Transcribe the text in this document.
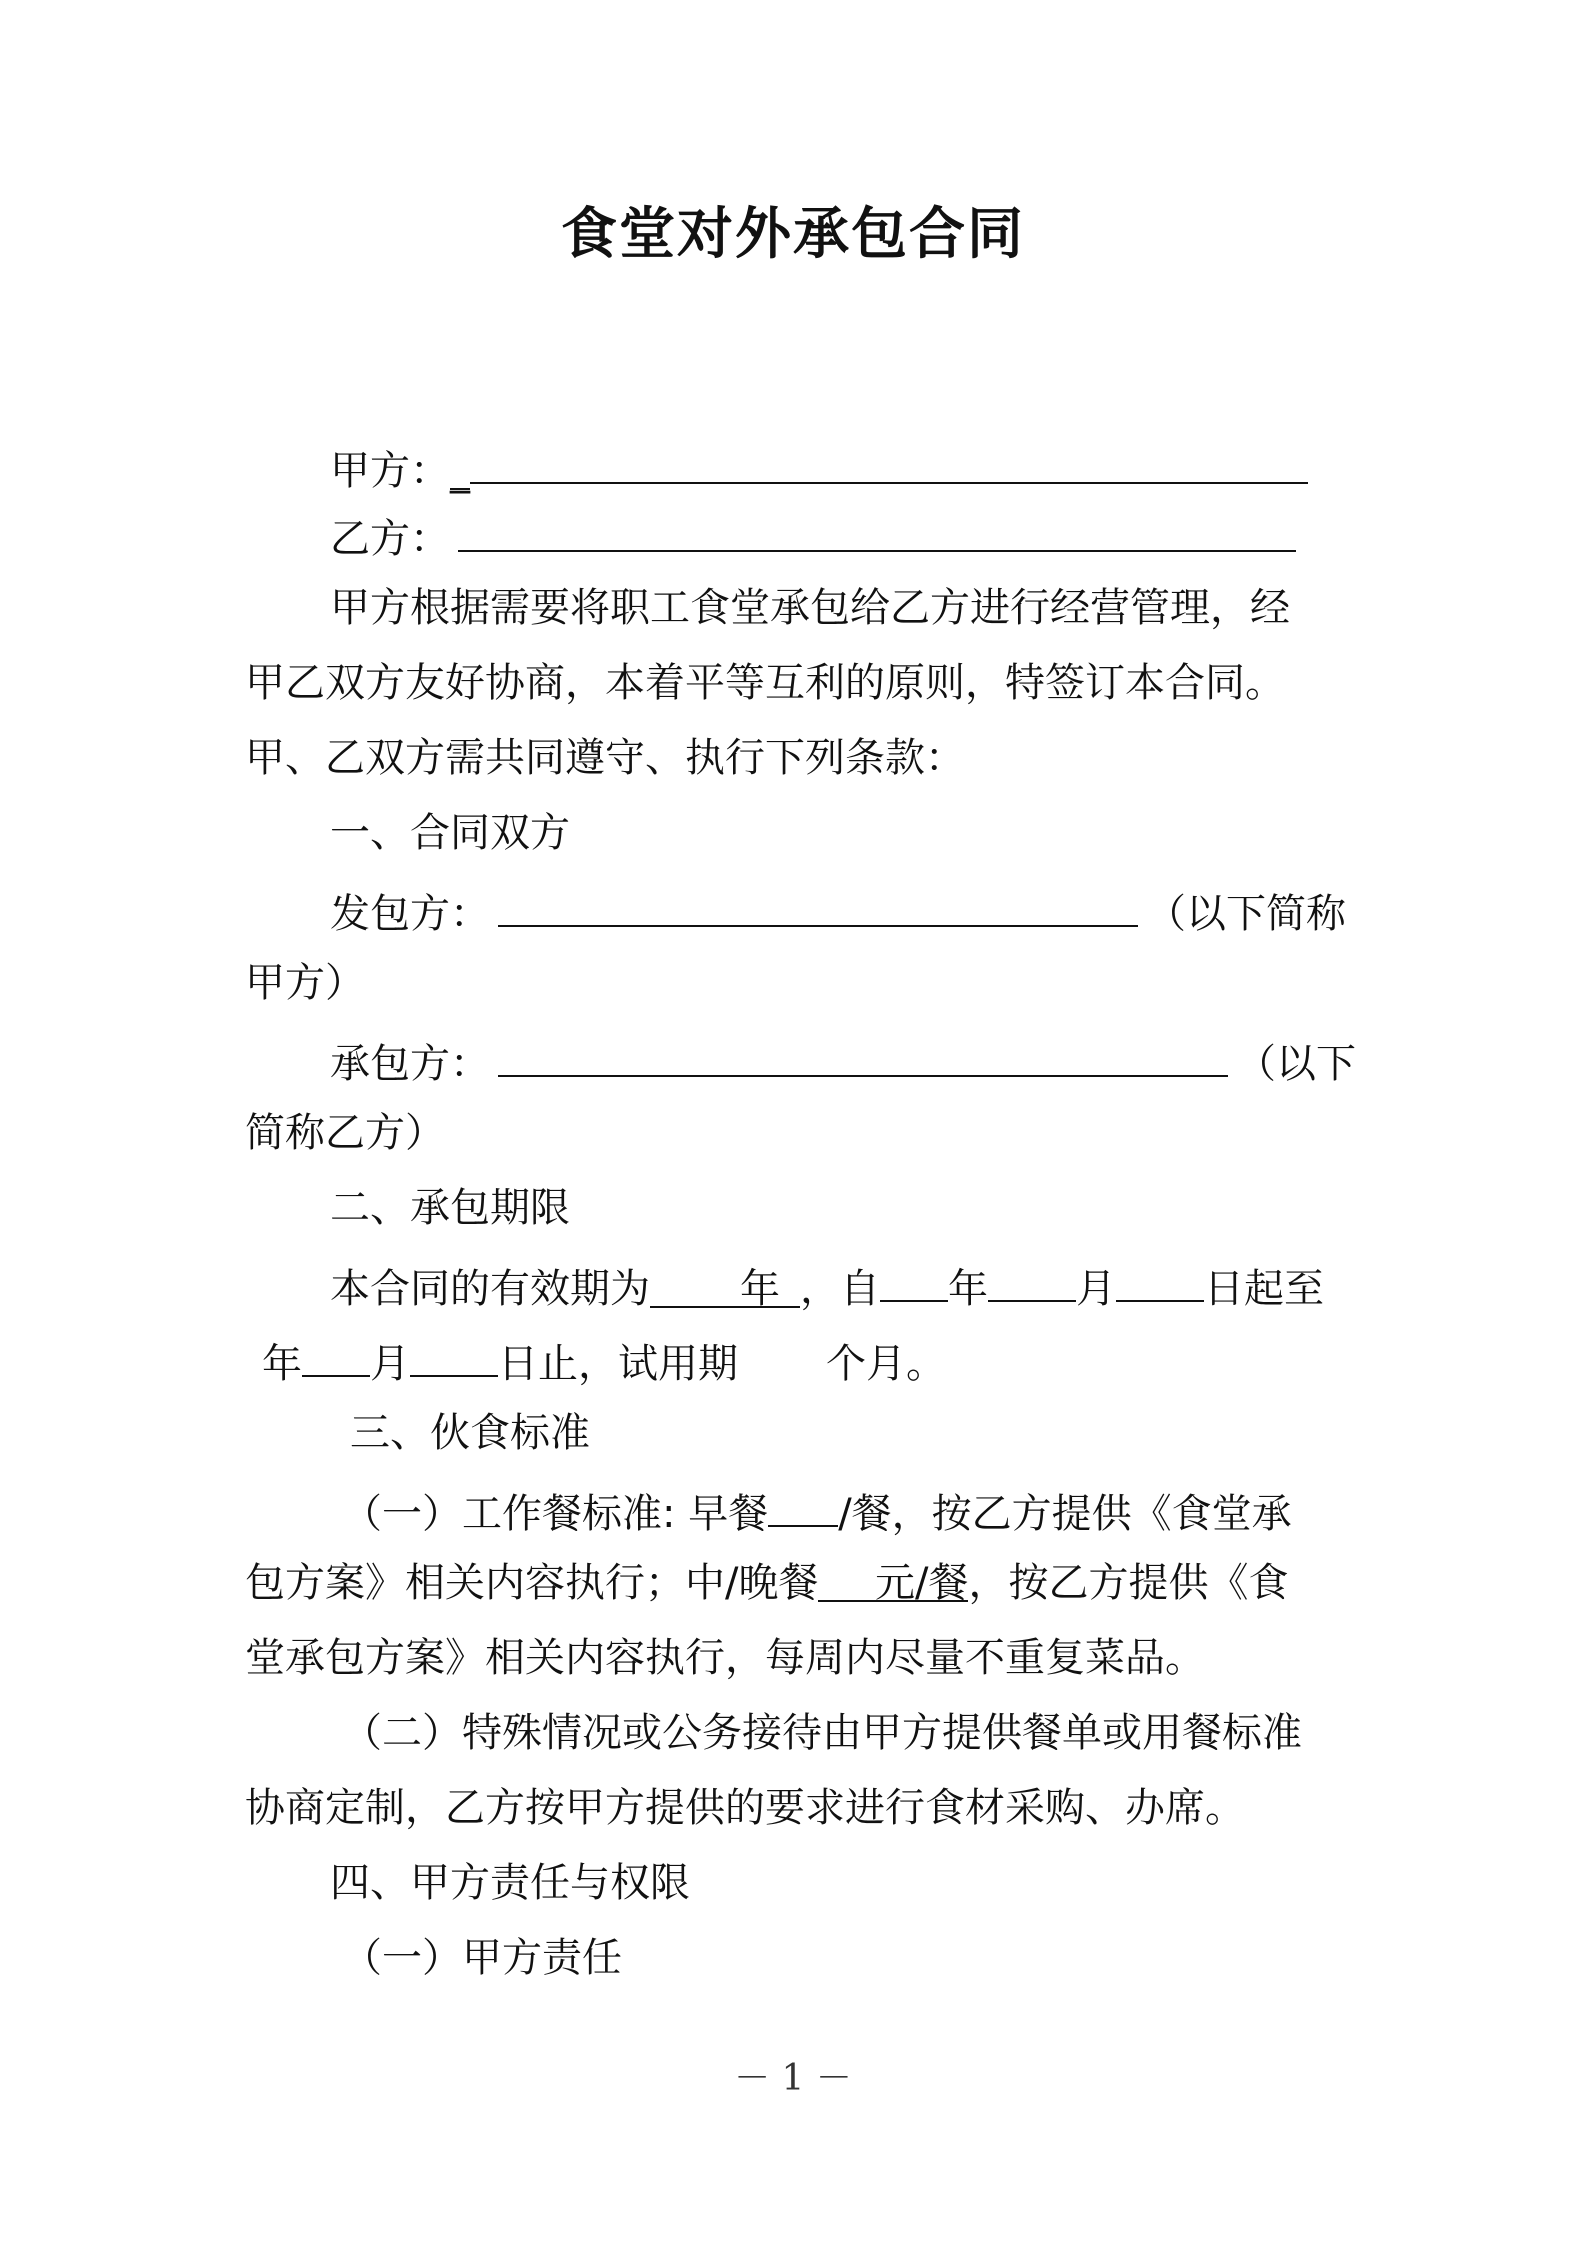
食堂对外承包合同
甲方：_
乙方：
甲方根据需要将职工食堂承包给乙方进行经营管理，经
甲乙双方友好协商，本着平等互利的原则，特签订本合同。
甲、乙双方需共同遵守、执行下列条款：
一、合同双方
发包方：	（以下简称
甲方）
承包方：	（以下
简称乙方）
二、承包期限
本合同的有效期为 年 ，自 年 月 日起至
年 月 日止，试用期 个月。
三、伙食标准
（一）工作餐标准: 早餐 /餐，按乙方提供《食堂承
包方案》相关内容执行；中/晚餐 元/餐，按乙方提供《食
堂承包方案》相关内容执行，每周内尽量不重复菜品。
（二）特殊情况或公务接待由甲方提供餐单或用餐标准
协商定制，乙方按甲方提供的要求进行食材采购、办席。
四、甲方责任与权限
（一）甲方责任
－ 1 －
